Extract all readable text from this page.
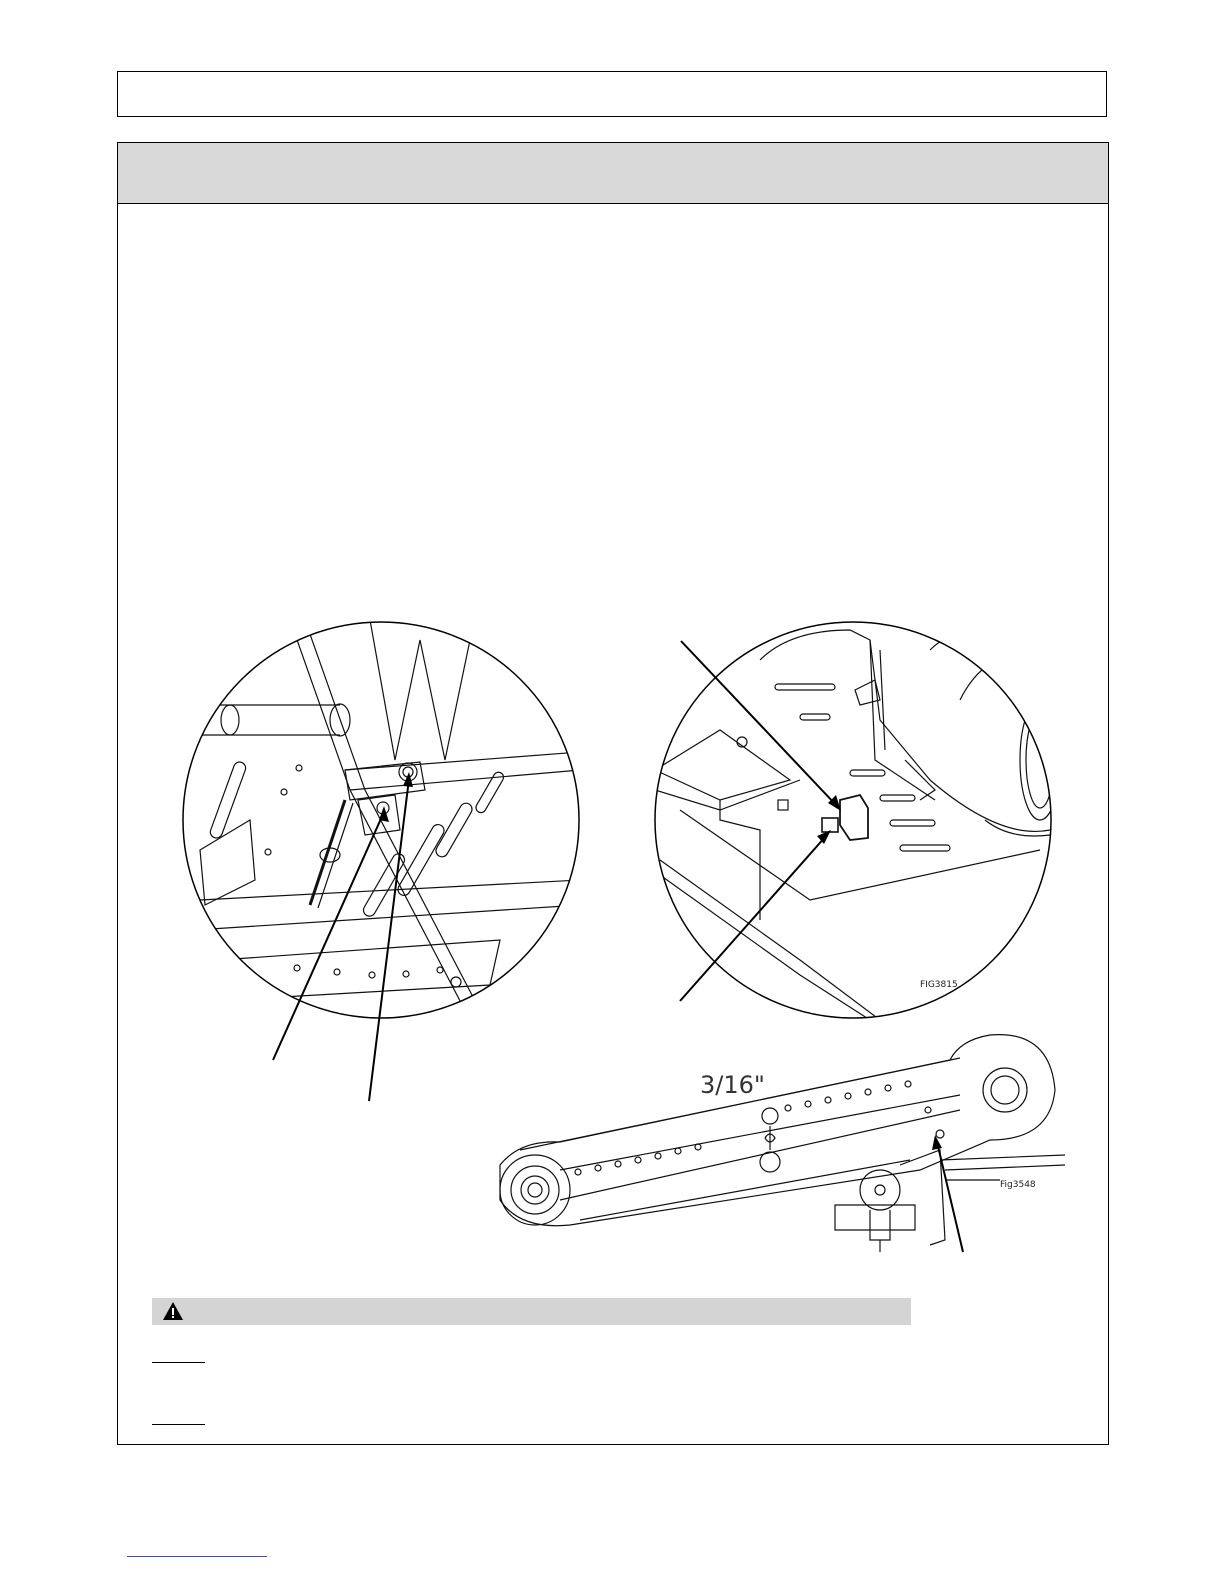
FIG3815
Fig3548
3/16"
